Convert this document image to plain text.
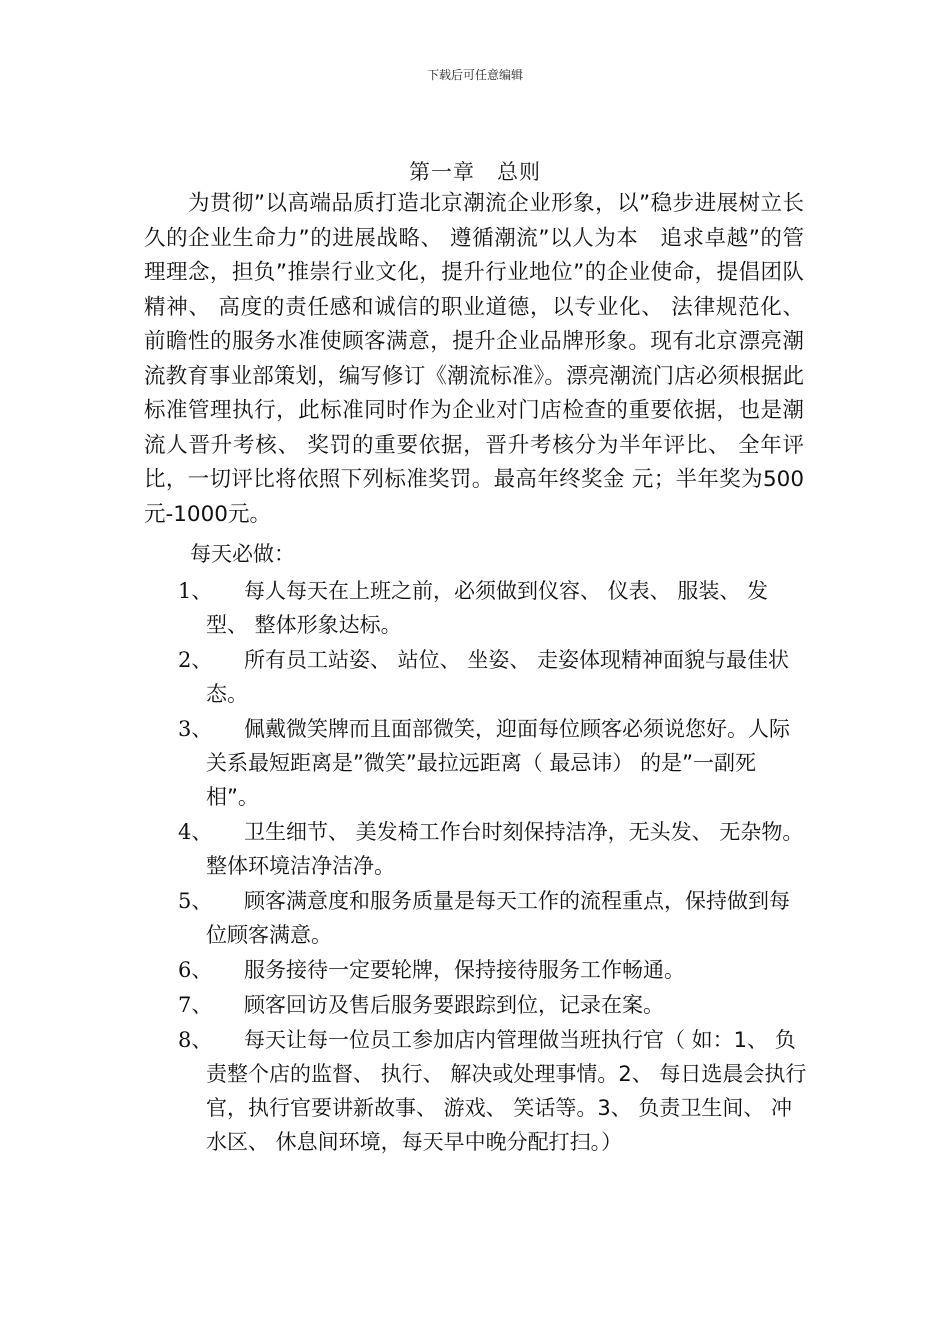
下载后可任意编辑
第一章　总则
为贯彻”以高端品质打造北京潮流企业形象，以”稳步进展树立长久的企业生命力”的进展战略、 遵循潮流”以人为本　追求卓越”的管理理念，担负”推崇行业文化，提升行业地位”的企业使命，提倡团队精神、 高度的责任感和诚信的职业道德，以专业化、 法律规范化、 前瞻性的服务水准使顾客满意，提升企业品牌形象。现有北京漂亮潮流教育事业部策划，编写修订《潮流标准》。漂亮潮流门店必须根据此标准管理执行，此标准同时作为企业对门店检查的重要依据，也是潮流人晋升考核、 奖罚的重要依据，晋升考核分为半年评比、 全年评比，一切评比将依照下列标准奖罚。最高年终奖金 元；半年奖为500元-1000元。
每天必做：
1、	每人每天在上班之前，必须做到仪容、 仪表、 服装、 发型、 整体形象达标。
2、	所有员工站姿、 站位、 坐姿、 走姿体现精神面貌与最佳状态。
3、	佩戴微笑牌而且面部微笑，迎面每位顾客必须说您好。人际关系最短距离是”微笑”最拉远距离（ 最忌讳） 的是”一副死相”。
4、	卫生细节、 美发椅工作台时刻保持洁净，无头发、 无杂物。整体环境洁净洁净。
5、	顾客满意度和服务质量是每天工作的流程重点，保持做到每位顾客满意。
6、	服务接待一定要轮牌，保持接待服务工作畅通。
7、	顾客回访及售后服务要跟踪到位，记录在案。
8、	每天让每一位员工参加店内管理做当班执行官（ 如：1、 负责整个店的监督、 执行、 解决或处理事情。2、 每日选晨会执行官，执行官要讲新故事、 游戏、 笑话等。3、 负责卫生间、 冲水区、 休息间环境，每天早中晚分配打扫。）
